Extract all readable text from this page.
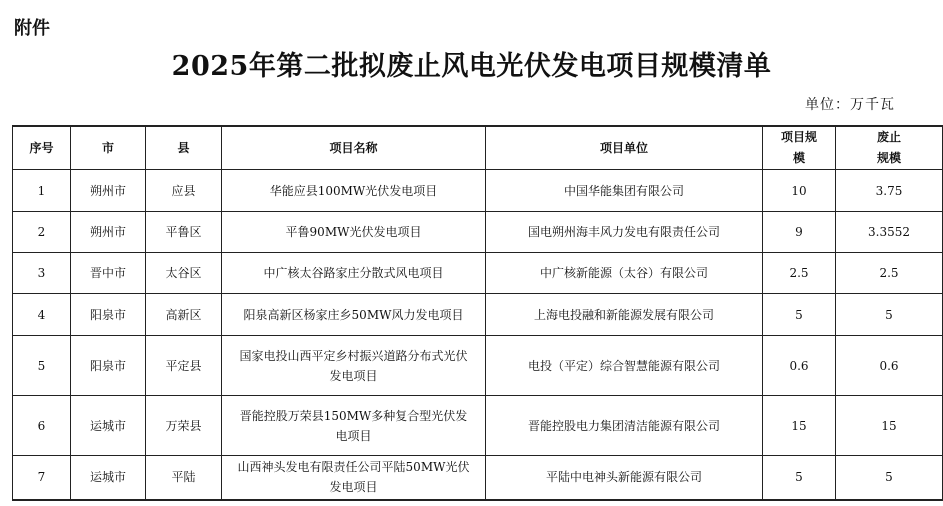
附件
2025年第二批拟废止风电光伏发电项目规模清单
单位：万千瓦
序号	市	县	项目名称	项目单位	项目规模	废止规模
1	朔州市	应县	华能应县100MW光伏发电项目	中国华能集团有限公司	10	3.75
2	朔州市	平鲁区	平鲁90MW光伏发电项目	国电朔州海丰风力发电有限责任公司	9	3.3552
3	晋中市	太谷区	中广核太谷路家庄分散式风电项目	中广核新能源（太谷）有限公司	2.5	2.5
4	阳泉市	高新区	阳泉高新区杨家庄乡50MW风力发电项目	上海电投融和新能源发展有限公司	5	5
5	阳泉市	平定县	国家电投山西平定乡村振兴道路分布式光伏发电项目	电投（平定）综合智慧能源有限公司	0.6	0.6
6	运城市	万荣县	晋能控股万荣县150MW多种复合型光伏发电项目	晋能控股电力集团清洁能源有限公司	15	15
7	运城市	平陆	山西神头发电有限责任公司平陆50MW光伏发电项目	平陆中电神头新能源有限公司	5	5
